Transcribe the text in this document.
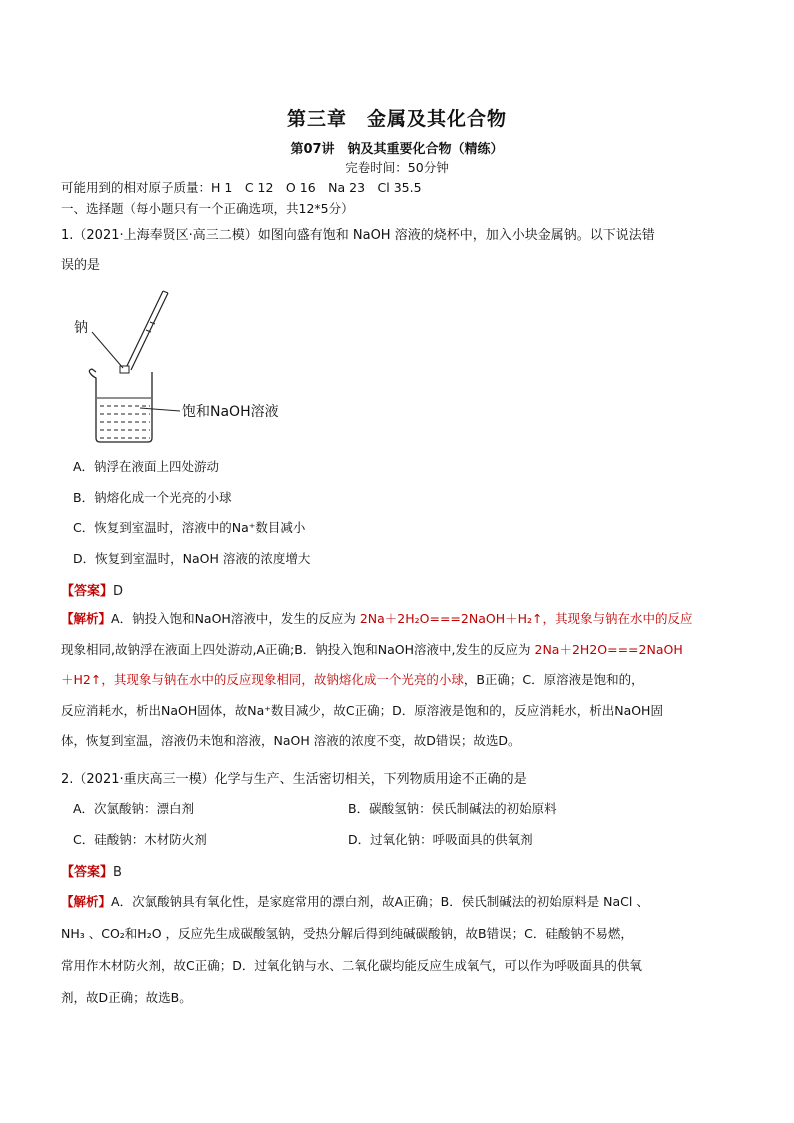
第三章　金属及其化合物
第07讲　钠及其重要化合物（精练）
完卷时间：50分钟
可能用到的相对原子质量：H 1　C 12　O 16　Na 23　Cl 35.5
一、选择题（每小题只有一个正确选项，共12*5分）
1.（2021·上海奉贤区·高三二模）如图向盛有饱和 NaOH 溶液的烧杯中，加入小块金属钠。以下说法错
误的是
钠
饱和NaOH溶液
A．钠浮在液面上四处游动
B．钠熔化成一个光亮的小球
C．恢复到室温时，溶液中的Na⁺数目减小
D．恢复到室温时，NaOH 溶液的浓度增大
【答案】D
【解析】A．钠投入饱和NaOH溶液中，发生的反应为 2Na＋2H₂O===2NaOH＋H₂↑，其现象与钠在水中的反应
现象相同,故钠浮在液面上四处游动,A正确;B．钠投入饱和NaOH溶液中,发生的反应为 2Na＋2H2O===2NaOH
＋H2↑，其现象与钠在水中的反应现象相同，故钠熔化成一个光亮的小球，B正确；C．原溶液是饱和的，
反应消耗水，析出NaOH固体，故Na⁺数目减少，故C正确；D．原溶液是饱和的，反应消耗水，析出NaOH固
体，恢复到室温，溶液仍未饱和溶液，NaOH 溶液的浓度不变，故D错误；故选D。
2.（2021·重庆高三一模）化学与生产、生活密切相关，下列物质用途不正确的是
A．次氯酸钠：漂白剂	B．碳酸氢钠：侯氏制碱法的初始原料
C．硅酸钠：木材防火剂	D．过氧化钠：呼吸面具的供氧剂
【答案】B
【解析】A．次氯酸钠具有氧化性，是家庭常用的漂白剂，故A正确；B．侯氏制碱法的初始原料是 NaCl 、
NH₃ 、CO₂和H₂O ，反应先生成碳酸氢钠，受热分解后得到纯碱碳酸钠，故B错误；C．硅酸钠不易燃，
常用作木材防火剂，故C正确；D．过氧化钠与水、二氧化碳均能反应生成氧气，可以作为呼吸面具的供氧
剂，故D正确；故选B。
